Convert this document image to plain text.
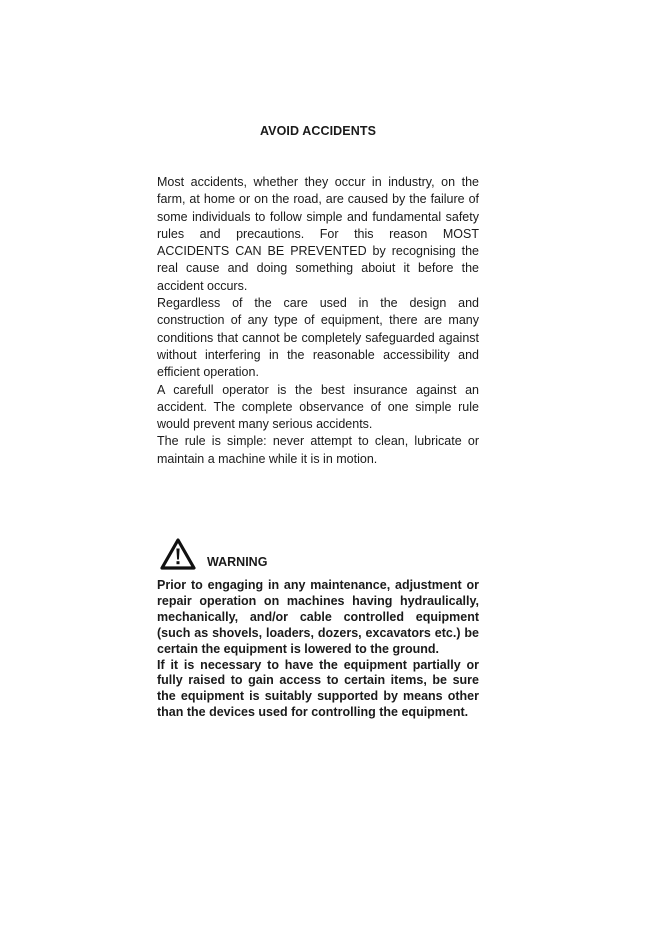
AVOID ACCIDENTS

Most accidents, whether they occur in industry, on the farm, at home or on the road, are caused by the failure of some individuals to follow simple and fundamental safety rules and precautions. For this reason MOST ACCIDENTS CAN BE PREVENTED by recognising the real cause and doing something aboiut it before the accident occurs.

Regardless of the care used in the design and construction of any type of equipment, there are many conditions that cannot be completely safeguarded against without interfering in the reasonable accessibility and efficient operation.

A carefull operator is the best insurance against an accident. The complete observance of one simple rule would prevent many serious accidents.

The rule is simple: never attempt to clean, lubricate or maintain a machine while it is in motion.

WARNING

Prior to engaging in any maintenance, adjustment or repair operation on machines having hydraulically, mechanically, and/or cable controlled equipment (such as shovels, loaders, dozers, excavators etc.) be certain the equipment is lowered to the ground.

If it is necessary to have the equipment partially or fully raised to gain access to certain items, be sure the equipment is suitably supported by means other than the devices used for controlling the equipment.
